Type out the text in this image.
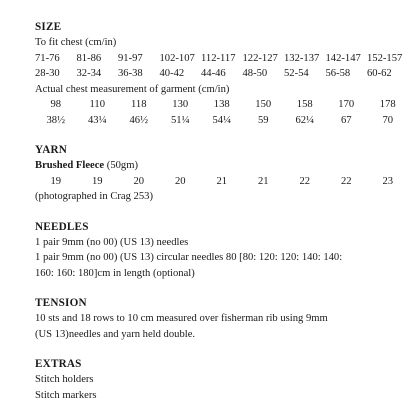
SIZE
To fit chest (cm/in)
71-76	81-86	91-97	102-107 112-117 122-127 132-137 142-147 152-157
28-30	32-34	36-38	40-42	44-46	48-50	52-54	56-58	60-62
Actual chest measurement of garment (cm/in)
98	110	118	130	138	150	158	170	178
38½	43¼	46½	51¼	54¼	59	62¼	67	70
YARN
Brushed Fleece (50gm)
19	19	20	20	21	21	22	22	23
(photographed in Crag 253)
NEEDLES
1 pair 9mm (no 00) (US 13) needles
1 pair 9mm (no 00) (US 13) circular needles 80 [80: 120: 120: 140: 140:
160: 160: 180]cm in length (optional)
TENSION
10 sts and 18 rows to 10 cm measured over fisherman rib using 9mm
(US 13)needles and yarn held double.
EXTRAS
Stitch holders
Stitch markers
